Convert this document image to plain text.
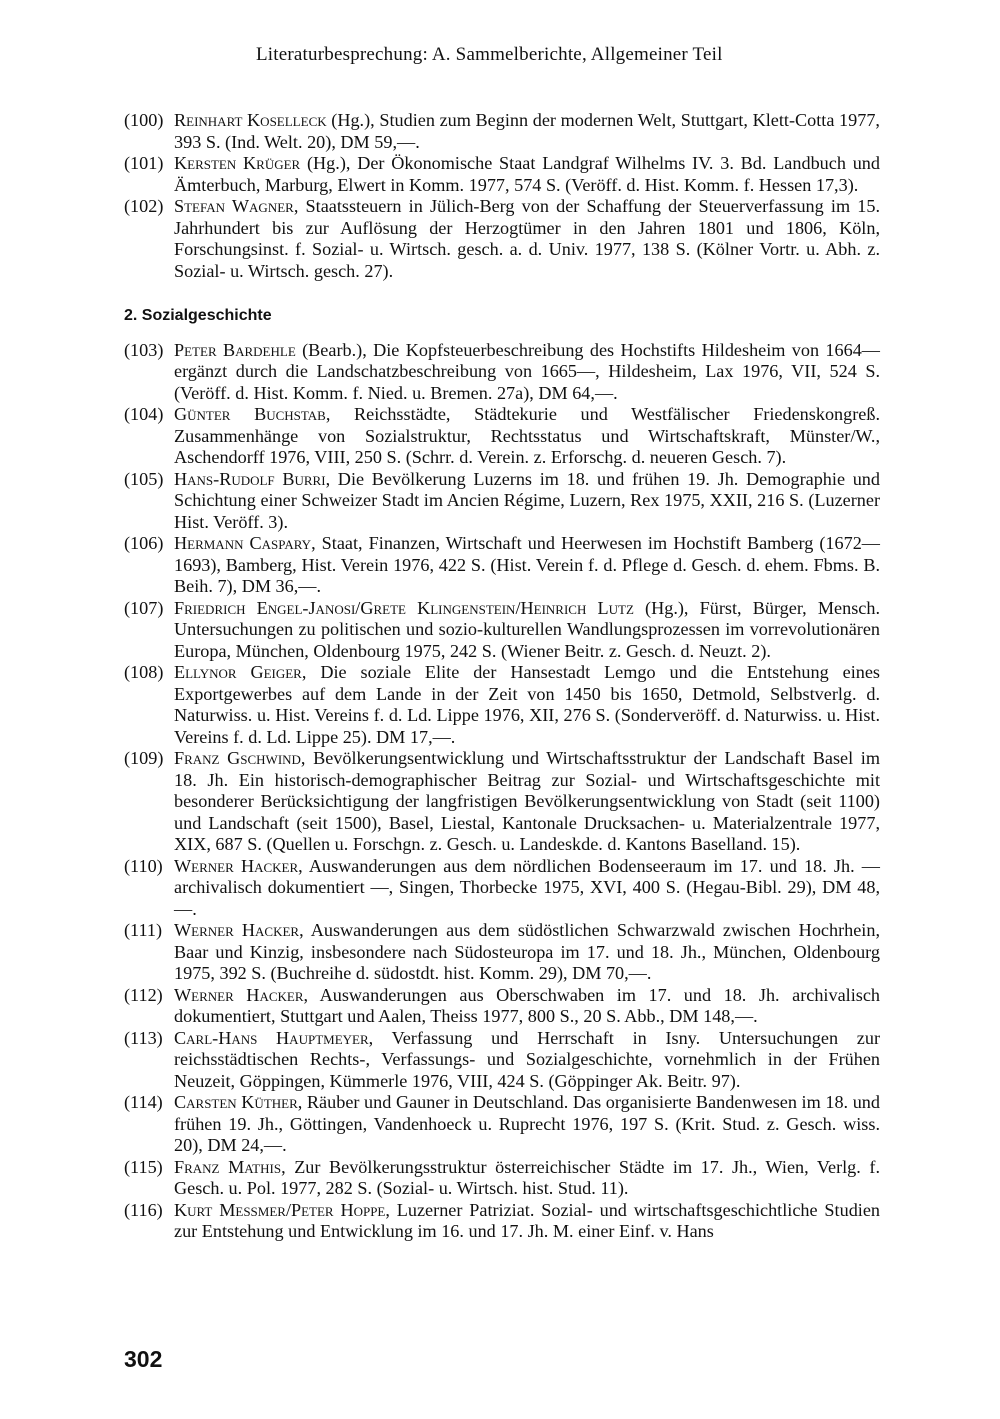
Literaturbesprechung: A. Sammelberichte, Allgemeiner Teil
(100) Reinhart Koselleck (Hg.), Studien zum Beginn der modernen Welt, Stuttgart, Klett-Cotta 1977, 393 S. (Ind. Welt. 20), DM 59,—.
(101) Kersten Krüger (Hg.), Der Ökonomische Staat Landgraf Wilhelms IV. 3. Bd. Landbuch und Ämterbuch, Marburg, Elwert in Komm. 1977, 574 S. (Veröff. d. Hist. Komm. f. Hessen 17,3).
(102) Stefan Wagner, Staatssteuern in Jülich-Berg von der Schaffung der Steuerverfassung im 15. Jahrhundert bis zur Auflösung der Herzogtümer in den Jahren 1801 und 1806, Köln, Forschungsinst. f. Sozial- u. Wirtsch. gesch. a. d. Univ. 1977, 138 S. (Kölner Vortr. u. Abh. z. Sozial- u. Wirtsch. gesch. 27).
2. Sozialgeschichte
(103) Peter Bardehle (Bearb.), Die Kopfsteuerbeschreibung des Hochstifts Hildesheim von 1664— ergänzt durch die Landschatzbeschreibung von 1665—, Hildesheim, Lax 1976, VII, 524 S. (Veröff. d. Hist. Komm. f. Nied. u. Bremen. 27a), DM 64,—.
(104) Günter Buchstab, Reichsstädte, Städtekurie und Westfälischer Friedenskongreß. Zusammenhänge von Sozialstruktur, Rechtsstatus und Wirtschaftskraft, Münster/W., Aschendorff 1976, VIII, 250 S. (Schrr. d. Verein. z. Erforschg. d. neueren Gesch. 7).
(105) Hans-Rudolf Burri, Die Bevölkerung Luzerns im 18. und frühen 19. Jh. Demographie und Schichtung einer Schweizer Stadt im Ancien Régime, Luzern, Rex 1975, XXII, 216 S. (Luzerner Hist. Veröff. 3).
(106) Hermann Caspary, Staat, Finanzen, Wirtschaft und Heerwesen im Hochstift Bamberg (1672—1693), Bamberg, Hist. Verein 1976, 422 S. (Hist. Verein f. d. Pflege d. Gesch. d. ehem. Fbms. B. Beih. 7), DM 36,—.
(107) Friedrich Engel-Janosi/Grete Klingenstein/Heinrich Lutz (Hg.), Fürst, Bürger, Mensch. Untersuchungen zu politischen und sozio-kulturellen Wandlungsprozessen im vorrevolutionären Europa, München, Oldenbourg 1975, 242 S. (Wiener Beitr. z. Gesch. d. Neuzt. 2).
(108) Ellynor Geiger, Die soziale Elite der Hansestadt Lemgo und die Entstehung eines Exportgewerbes auf dem Lande in der Zeit von 1450 bis 1650, Detmold, Selbstverlg. d. Naturwiss. u. Hist. Vereins f. d. Ld. Lippe 1976, XII, 276 S. (Sonderveröff. d. Naturwiss. u. Hist. Vereins f. d. Ld. Lippe 25). DM 17,—.
(109) Franz Gschwind, Bevölkerungsentwicklung und Wirtschaftsstruktur der Landschaft Basel im 18. Jh. Ein historisch-demographischer Beitrag zur Sozial- und Wirtschaftsgeschichte mit besonderer Berücksichtigung der langfristigen Bevölkerungsentwicklung von Stadt (seit 1100) und Landschaft (seit 1500), Basel, Liestal, Kantonale Drucksachen- u. Materialzentrale 1977, XIX, 687 S. (Quellen u. Forschgn. z. Gesch. u. Landeskde. d. Kantons Baselland. 15).
(110) Werner Hacker, Auswanderungen aus dem nördlichen Bodenseeraum im 17. und 18. Jh. — archivalisch dokumentiert —, Singen, Thorbecke 1975, XVI, 400 S. (Hegau-Bibl. 29), DM 48,—.
(111) Werner Hacker, Auswanderungen aus dem südöstlichen Schwarzwald zwischen Hochrhein, Baar und Kinzig, insbesondere nach Südosteuropa im 17. und 18. Jh., München, Oldenbourg 1975, 392 S. (Buchreihe d. südostdt. hist. Komm. 29), DM 70,—.
(112) Werner Hacker, Auswanderungen aus Oberschwaben im 17. und 18. Jh. archivalisch dokumentiert, Stuttgart und Aalen, Theiss 1977, 800 S., 20 S. Abb., DM 148,—.
(113) Carl-Hans Hauptmeyer, Verfassung und Herrschaft in Isny. Untersuchungen zur reichsstädtischen Rechts-, Verfassungs- und Sozialgeschichte, vornehmlich in der Frühen Neuzeit, Göppingen, Kümmerle 1976, VIII, 424 S. (Göppinger Ak. Beitr. 97).
(114) Carsten Küther, Räuber und Gauner in Deutschland. Das organisierte Bandenwesen im 18. und frühen 19. Jh., Göttingen, Vandenhoeck u. Ruprecht 1976, 197 S. (Krit. Stud. z. Gesch. wiss. 20), DM 24,—.
(115) Franz Mathis, Zur Bevölkerungsstruktur österreichischer Städte im 17. Jh., Wien, Verlg. f. Gesch. u. Pol. 1977, 282 S. (Sozial- u. Wirtsch. hist. Stud. 11).
(116) Kurt Messmer/Peter Hoppe, Luzerner Patriziat. Sozial- und wirtschaftsgeschichtliche Studien zur Entstehung und Entwicklung im 16. und 17. Jh. M. einer Einf. v. Hans
302
